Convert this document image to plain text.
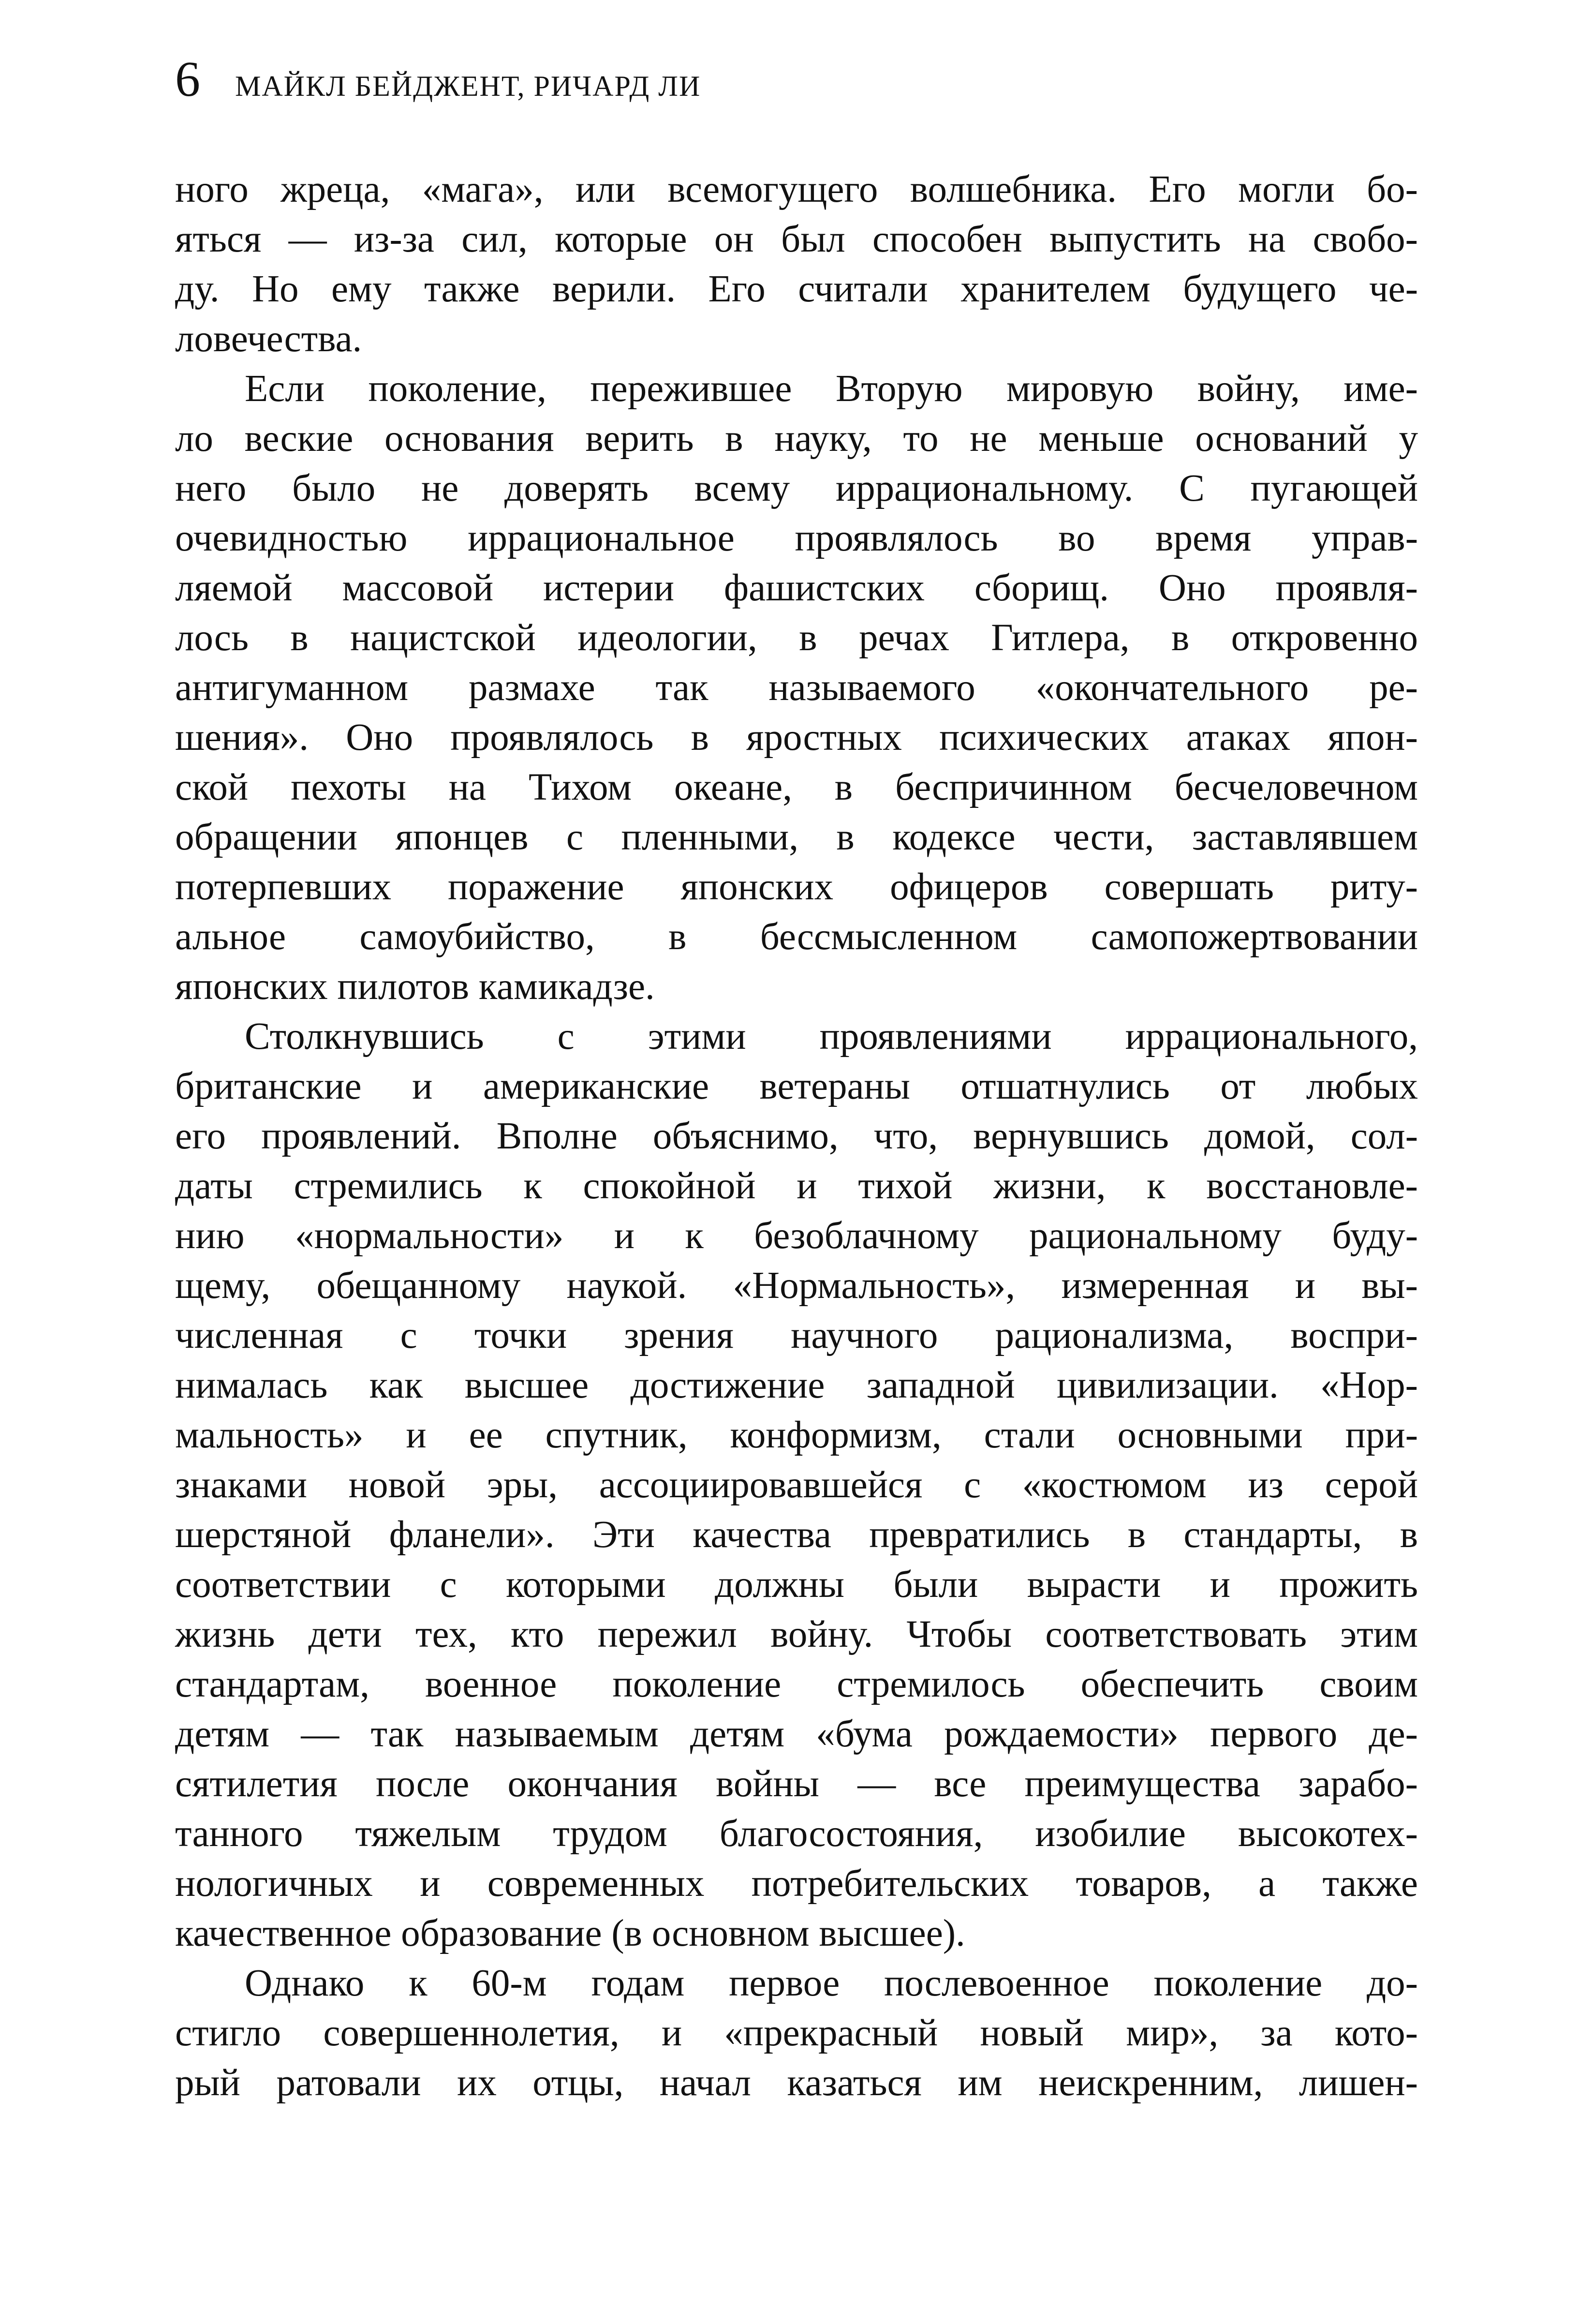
6 МАЙКЛ БЕЙДЖЕНТ, РИЧАРД ЛИ
ного жреца, «мага», или всемогущего волшебника. Его могли бо-
яться — из-за сил, которые он был способен выпустить на свобо-
ду. Но ему также верили. Его считали хранителем будущего че-
ловечества.
Если поколение, пережившее Вторую мировую войну, име-
ло веские основания верить в науку, то не меньше оснований у
него было не доверять всему иррациональному. С пугающей
очевидностью иррациональное проявлялось во время управ-
ляемой массовой истерии фашистских сборищ. Оно проявля-
лось в нацистской идеологии, в речах Гитлера, в откровенно
антигуманном размахе так называемого «окончательного ре-
шения». Оно проявлялось в яростных психических атаках япон-
ской пехоты на Тихом океане, в беспричинном бесчеловечном
обращении японцев с пленными, в кодексе чести, заставлявшем
потерпевших поражение японских офицеров совершать риту-
альное самоубийство, в бессмысленном самопожертвовании
японских пилотов камикадзе.
Столкнувшись с этими проявлениями иррационального,
британские и американские ветераны отшатнулись от любых
его проявлений. Вполне объяснимо, что, вернувшись домой, сол-
даты стремились к спокойной и тихой жизни, к восстановле-
нию «нормальности» и к безоблачному рациональному буду-
щему, обещанному наукой. «Нормальность», измеренная и вы-
численная с точки зрения научного рационализма, воспри-
нималась как высшее достижение западной цивилизации. «Нор-
мальность» и ее спутник, конформизм, стали основными при-
знаками новой эры, ассоциировавшейся с «костюмом из серой
шерстяной фланели». Эти качества превратились в стандарты, в
соответствии с которыми должны были вырасти и прожить
жизнь дети тех, кто пережил войну. Чтобы соответствовать этим
стандартам, военное поколение стремилось обеспечить своим
детям — так называемым детям «бума рождаемости» первого де-
сятилетия после окончания войны — все преимущества зарабо-
танного тяжелым трудом благосостояния, изобилие высокотех-
нологичных и современных потребительских товаров, а также
качественное образование (в основном высшее).
Однако к 60-м годам первое послевоенное поколение до-
стигло совершеннолетия, и «прекрасный новый мир», за кото-
рый ратовали их отцы, начал казаться им неискренним, лишен-
